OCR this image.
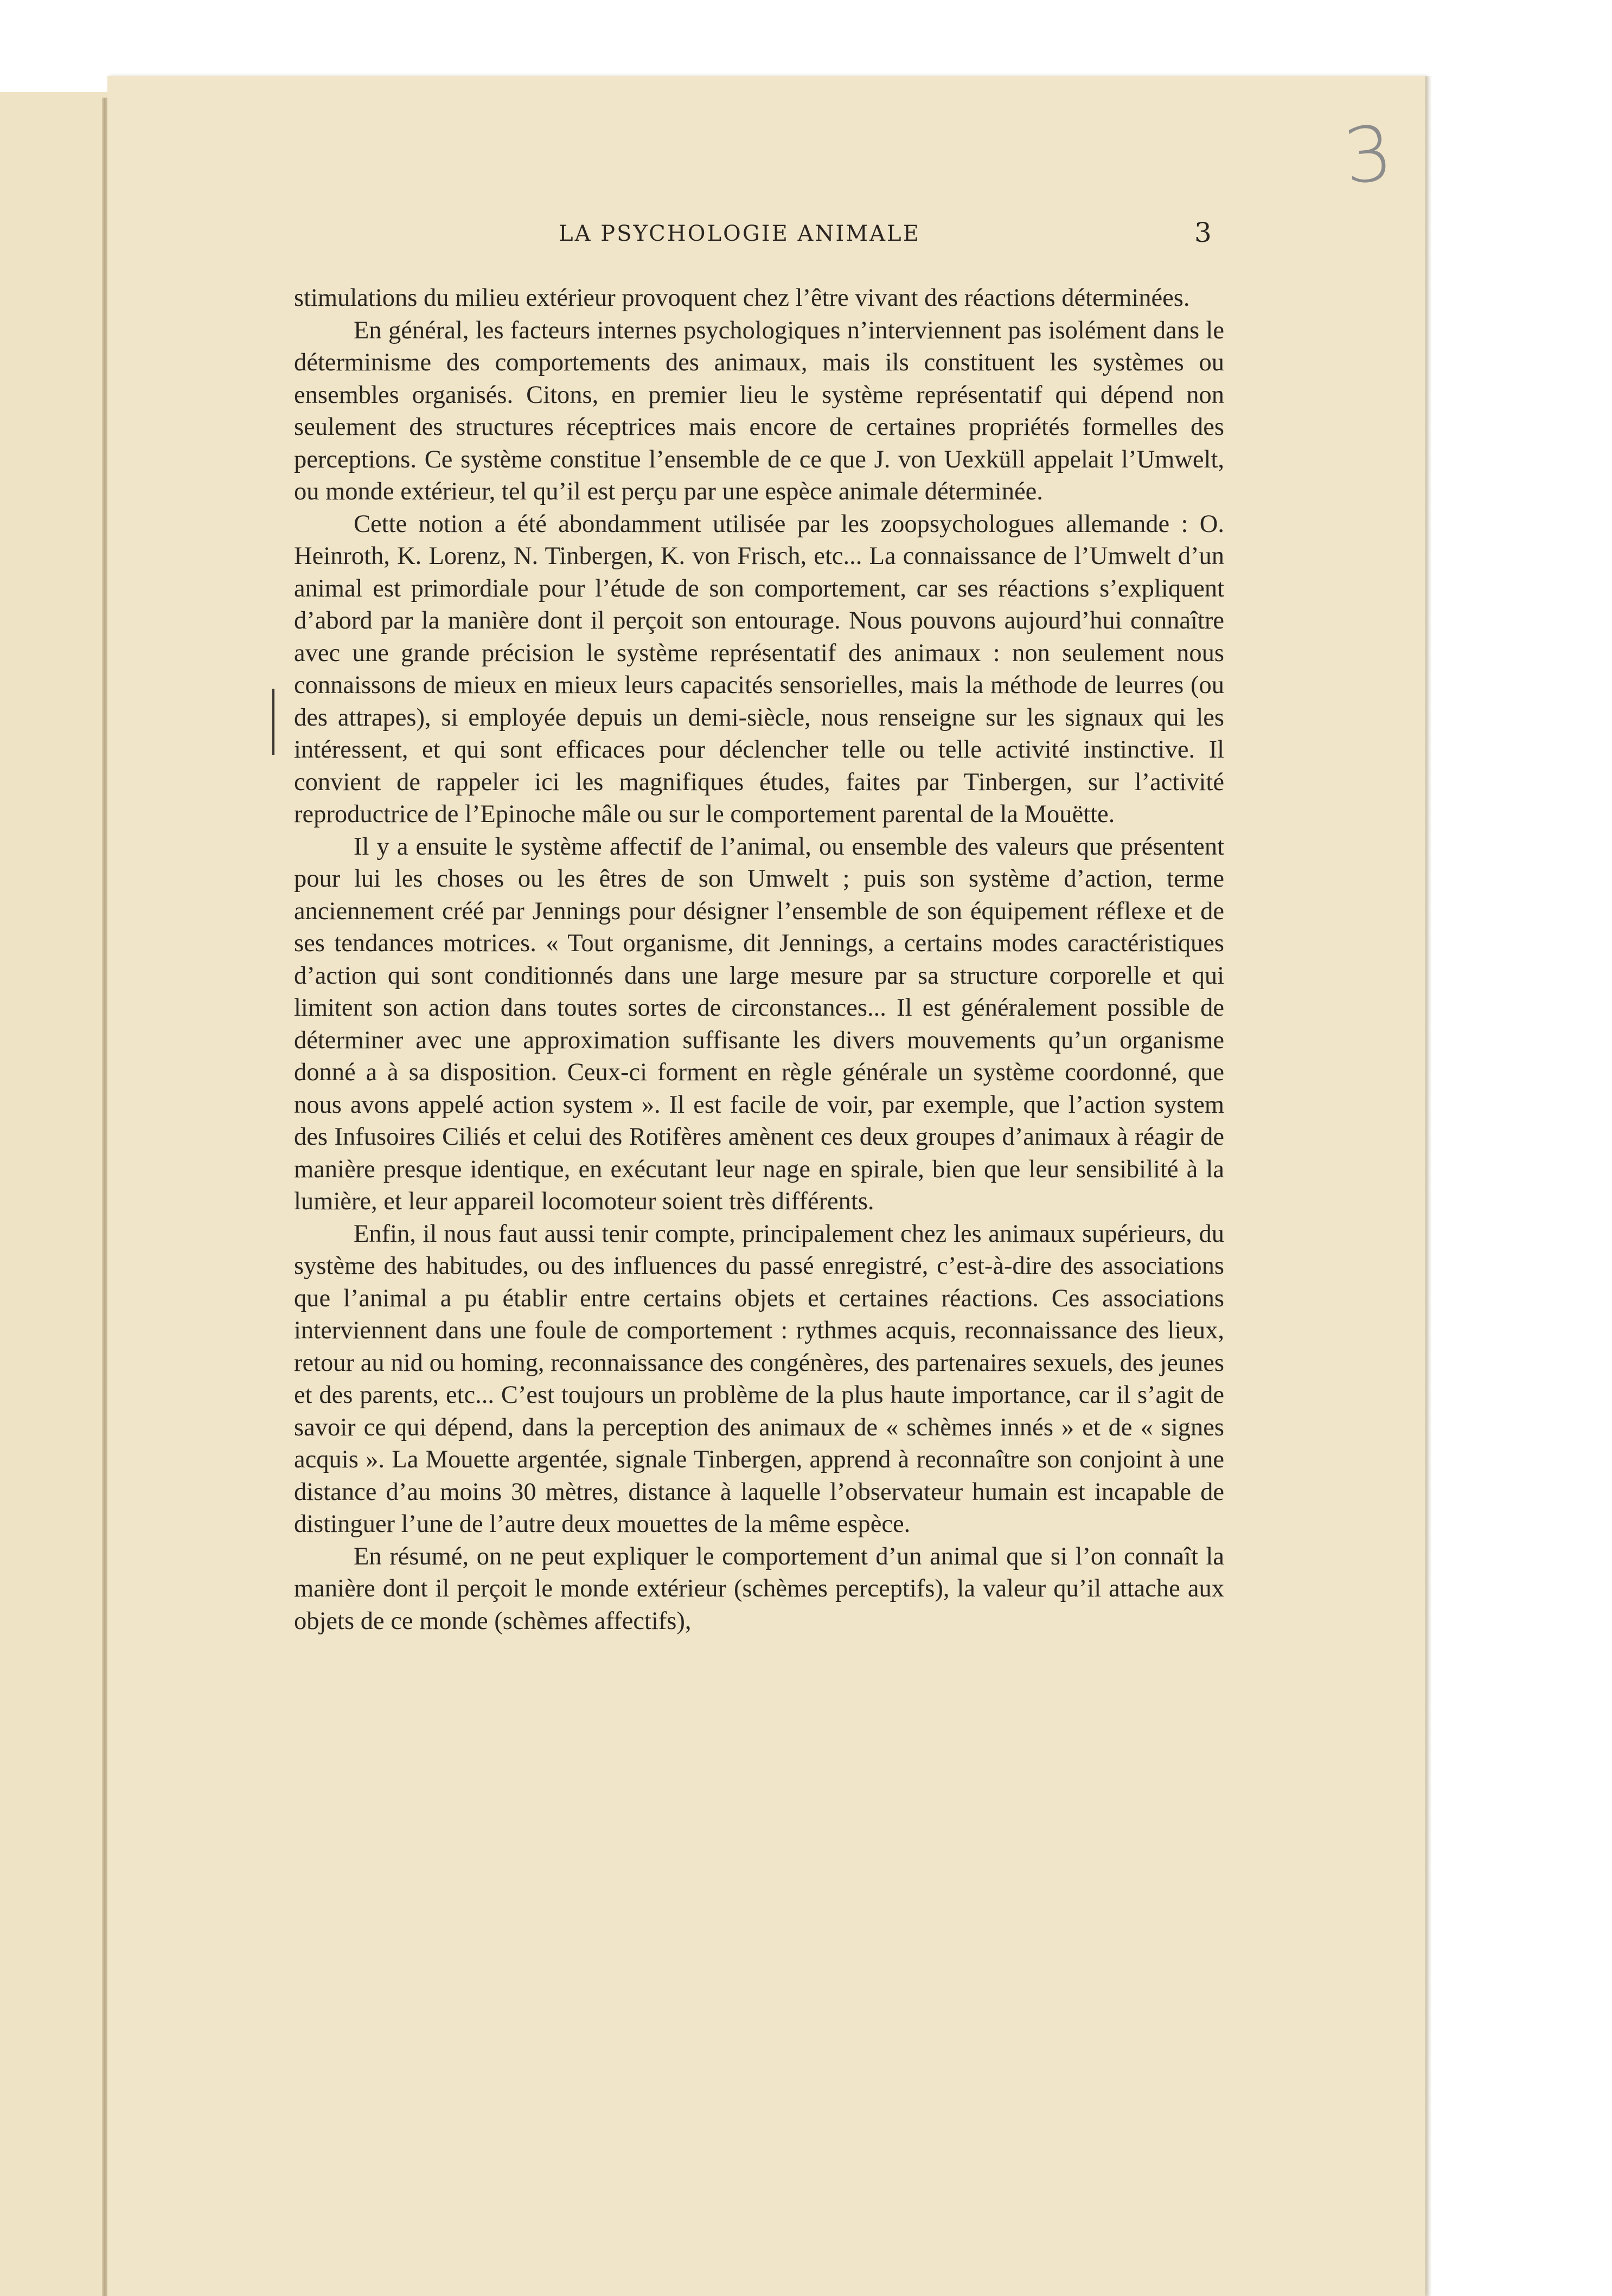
3
LA PSYCHOLOGIE ANIMALE	3

stimulations du milieu extérieur provoquent chez l’être vivant des réactions déterminées.

En général, les facteurs internes psychologiques n’interviennent pas isolément dans le déterminisme des comportements des animaux, mais ils constituent les systèmes ou ensembles organisés. Citons, en premier lieu le système représentatif qui dépend non seulement des structures réceptrices mais encore de certaines propriétés formelles des perceptions. Ce système constitue l’ensemble de ce que J. von Uexküll appelait l’Umwelt, ou monde extérieur, tel qu’il est perçu par une espèce animale déterminée.

Cette notion a été abondamment utilisée par les zoopsychologues allemande : O. Heinroth, K. Lorenz, N. Tinbergen, K. von Frisch, etc... La connaissance de l’Umwelt d’un animal est primordiale pour l’étude de son comportement, car ses réactions s’expliquent d’abord par la manière dont il perçoit son entourage. Nous pouvons aujourd’hui connaître avec une grande précision le système représentatif des animaux : non seulement nous connaissons de mieux en mieux leurs capacités sensorielles, mais la méthode de leurres (ou des attrapes), si employée depuis un demi-siècle, nous renseigne sur les signaux qui les intéressent, et qui sont efficaces pour déclencher telle ou telle activité instinctive. Il convient de rappeler ici les magnifiques études, faites par Tinbergen, sur l’activité reproductrice de l’Epinoche mâle ou sur le comportement parental de la Mouëtte.

Il y a ensuite le système affectif de l’animal, ou ensemble des valeurs que présentent pour lui les choses ou les êtres de son Umwelt ; puis son système d’action, terme anciennement créé par Jennings pour désigner l’ensemble de son équipement réflexe et de ses tendances motrices. « Tout organisme, dit Jennings, a certains modes caractéristiques d’action qui sont conditionnés dans une large mesure par sa structure corporelle et qui limitent son action dans toutes sortes de circonstances... Il est généralement possible de déterminer avec une approximation suffisante les divers mouvements qu’un organisme donné a à sa disposition. Ceux-ci forment en règle générale un système coordonné, que nous avons appelé action system ». Il est facile de voir, par exemple, que l’action system des Infusoires Ciliés et celui des Rotifères amènent ces deux groupes d’animaux à réagir de manière presque identique, en exécutant leur nage en spirale, bien que leur sensibilité à la lumière, et leur appareil locomoteur soient très différents.

Enfin, il nous faut aussi tenir compte, principalement chez les animaux supérieurs, du système des habitudes, ou des influences du passé enregistré, c’est-à-dire des associations que l’animal a pu établir entre certains objets et certaines réactions. Ces associations interviennent dans une foule de comportement : rythmes acquis, reconnaissance des lieux, retour au nid ou homing, reconnaissance des congénères, des partenaires sexuels, des jeunes et des parents, etc... C’est toujours un problème de la plus haute importance, car il s’agit de savoir ce qui dépend, dans la perception des animaux de « schèmes innés » et de « signes acquis ». La Mouette argentée, signale Tinbergen, apprend à reconnaître son conjoint à une distance d’au moins 30 mètres, distance à laquelle l’observateur humain est incapable de distinguer l’une de l’autre deux mouettes de la même espèce.

En résumé, on ne peut expliquer le comportement d’un animal que si l’on connaît la manière dont il perçoit le monde extérieur (schèmes perceptifs), la valeur qu’il attache aux objets de ce monde (schèmes affectifs),
